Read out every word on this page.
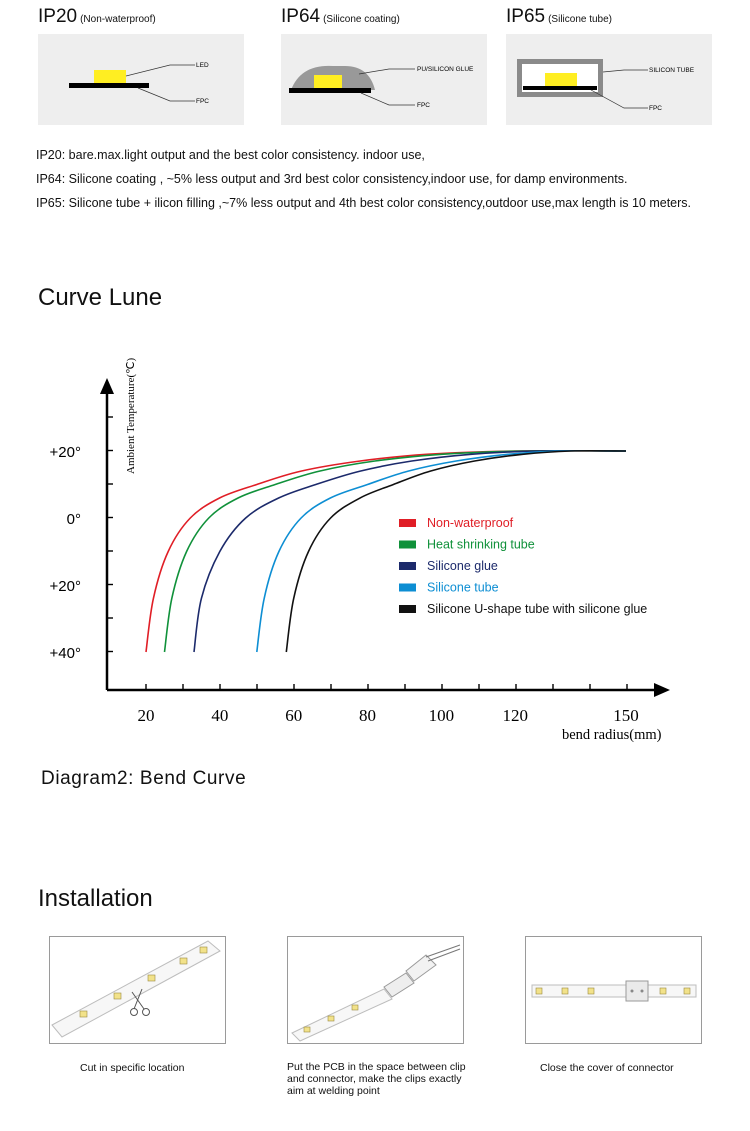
IP20 (Non-waterproof)	IP64 (Silicone coating)	IP65 (Silicone tube)
LED
FPC
PU/SILICON GLUE
FPC
SILICON TUBE
FPC
IP20: bare.max.light output and the best color consistency. indoor use,
IP64: Silicone coating , ~5% less output and 3rd best color consistency,indoor use, for damp environments.
IP65: Silicone tube + ilicon filling ,~7% less output and 4th best color consistency,outdoor use,max length is 10 meters.
Curve Lune
20	40	60	80	100	120	150
+20°
0°
+20°
+40°
bend radius(mm)
Ambient Temperature(℃)
Non-waterproof
Heat shrinking tube
Silicone glue
Silicone tube
Silicone U-shape tube with silicone glue
Diagram2: Bend Curve
Installation
Cut in specific location	Put the PCB in the space between clip and connector, make the clips exactly aim at welding point
Close the cover of connector
